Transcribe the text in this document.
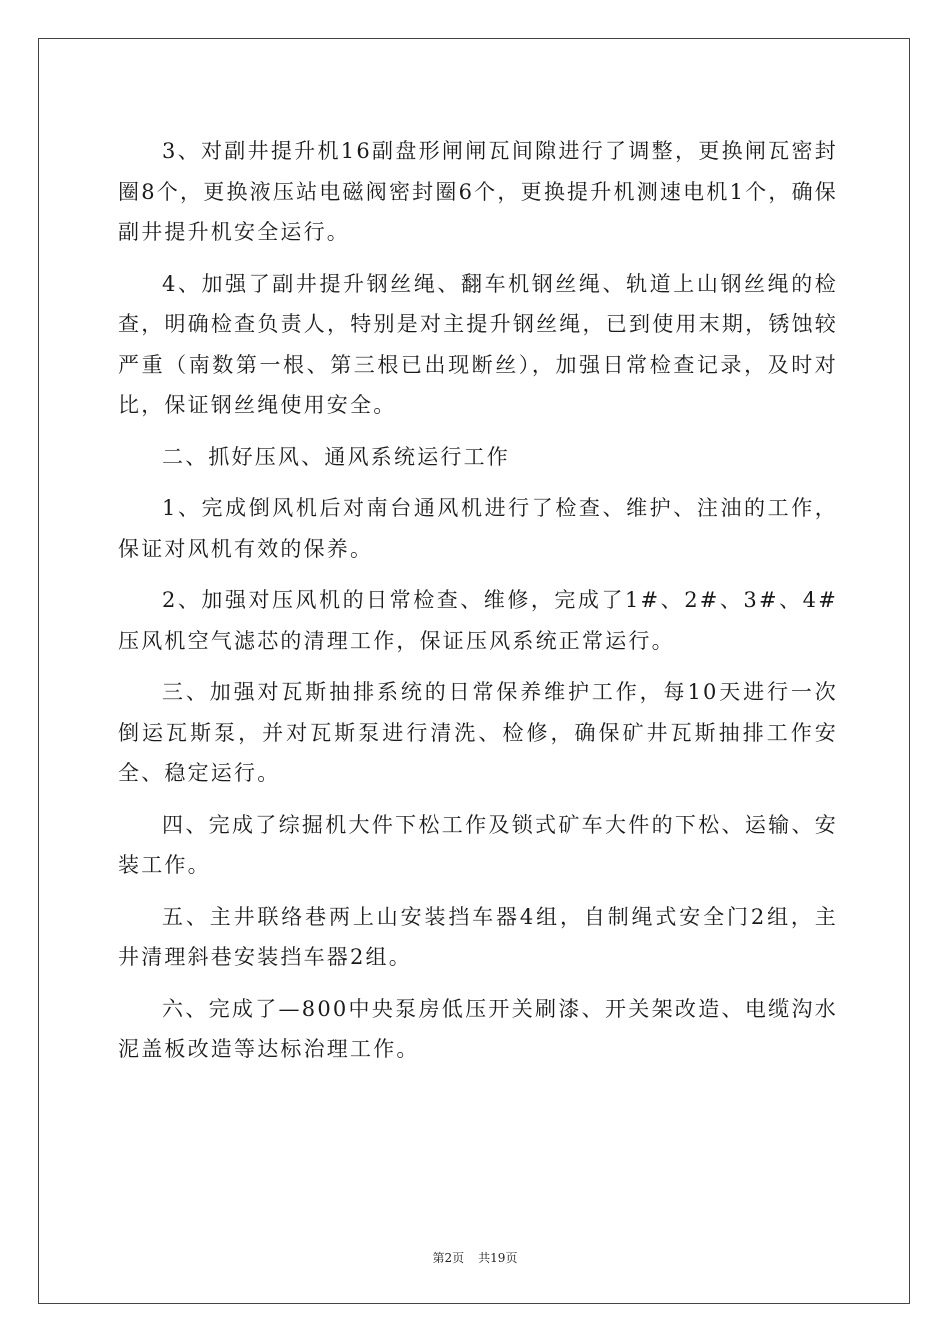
3、对副井提升机16副盘形闸闸瓦间隙进行了调整，更换闸瓦密封圈8个，更换液压站电磁阀密封圈6个，更换提升机测速电机1个，确保副井提升机安全运行。

4、加强了副井提升钢丝绳、翻车机钢丝绳、轨道上山钢丝绳的检查，明确检查负责人，特别是对主提升钢丝绳，已到使用末期，锈蚀较严重（南数第一根、第三根已出现断丝），加强日常检查记录，及时对比，保证钢丝绳使用安全。

二、抓好压风、通风系统运行工作

1、完成倒风机后对南台通风机进行了检查、维护、注油的工作，保证对风机有效的保养。

2、加强对压风机的日常检查、维修，完成了1#、2#、3#、4#压风机空气滤芯的清理工作，保证压风系统正常运行。

三、加强对瓦斯抽排系统的日常保养维护工作，每10天进行一次倒运瓦斯泵，并对瓦斯泵进行清洗、检修，确保矿井瓦斯抽排工作安全、稳定运行。

四、完成了综掘机大件下松工作及锁式矿车大件的下松、运输、安装工作。

五、主井联络巷两上山安装挡车器4组，自制绳式安全门2组，主井清理斜巷安装挡车器2组。

六、完成了—800中央泵房低压开关刷漆、开关架改造、电缆沟水泥盖板改造等达标治理工作。

第2页 共19页
